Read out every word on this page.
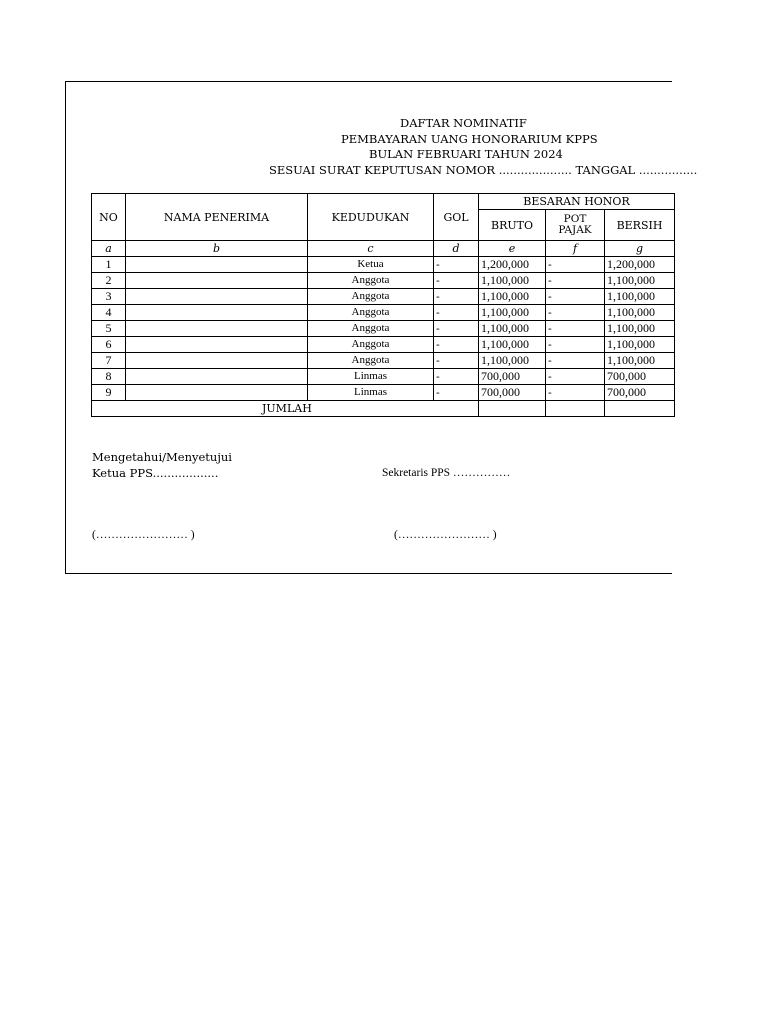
DAFTAR NOMINATIF
PEMBAYARAN UANG HONORARIUM KPPS
BULAN FEBRUARI TAHUN 2024
SESUAI SURAT KEPUTUSAN NOMOR .................... TANGGAL ................
NO	NAMA PENERIMA	KEDUDUKAN	GOL	BESARAN HONOR		
				BRUTO	POT PAJAK	BERSIH
a	b	c	d	e	f	g
1		Ketua	-	1,200,000	-	1,200,000
2		Anggota	-	1,100,000	-	1,100,000
3		Anggota	-	1,100,000	-	1,100,000
4		Anggota	-	1,100,000	-	1,100,000
5		Anggota	-	1,100,000	-	1,100,000
6		Anggota	-	1,100,000	-	1,100,000
7		Anggota	-	1,100,000	-	1,100,000
8		Linmas	-	700,000	-	700,000
9		Linmas	-	700,000	-	700,000
JUMLAH						
Mengetahui/Menyetujui
Ketua PPS..................	Sekretaris PPS ……………
(…………………… )	(…………………… )
